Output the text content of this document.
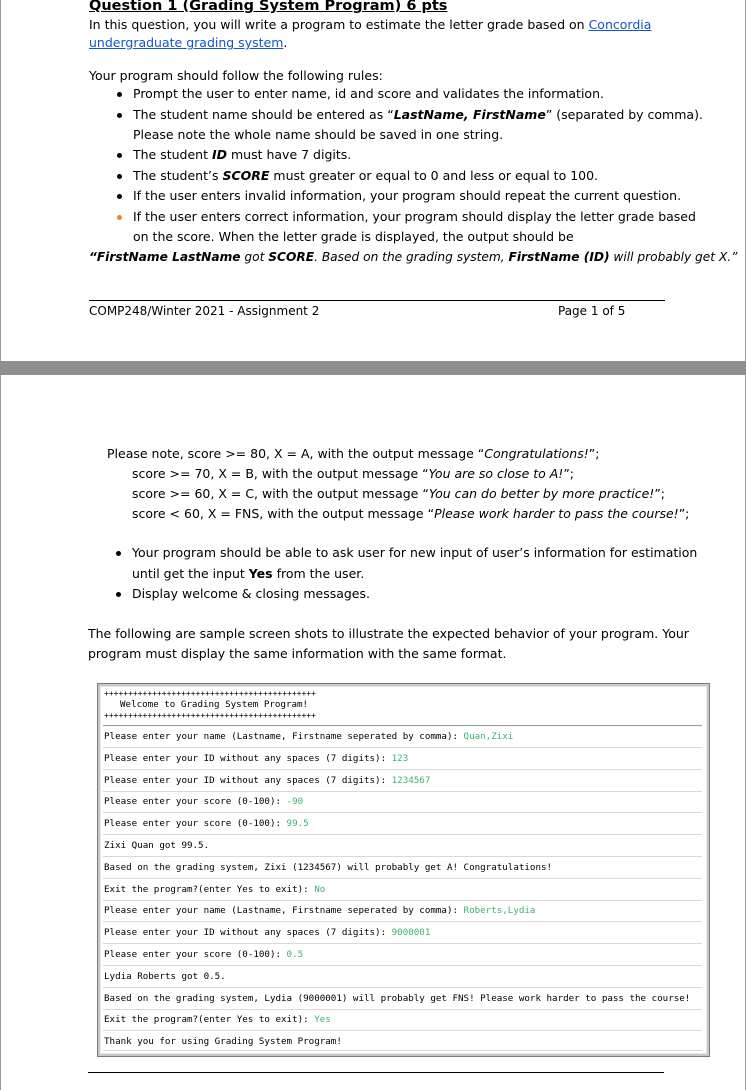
Question 1 (Grading System Program) 6 pts
In this question, you will write a program to estimate the letter grade based on Concordia
undergraduate grading system.
Your program should follow the following rules:
Prompt the user to enter name, id and score and validates the information.
The student name should be entered as “LastName, FirstName” (separated by comma).
Please note the whole name should be saved in one string.
The student ID must have 7 digits.
The student’s SCORE must greater or equal to 0 and less or equal to 100.
If the user enters invalid information, your program should repeat the current question.
If the user enters correct information, your program should display the letter grade based
on the score. When the letter grade is displayed, the output should be
“FirstName LastName got SCORE. Based on the grading system, FirstName (ID) will probably get X.”
COMP248/Winter 2021 - Assignment 2	Page 1 of 5
Please note, score >= 80, X = A, with the output message “Congratulations!”;
score >= 70, X = B, with the output message “You are so close to A!”;
score >= 60, X = C, with the output message “You can do better by more practice!”;
score < 60, X = FNS, with the output message “Please work harder to pass the course!”;
Your program should be able to ask user for new input of user’s information for estimation
until get the input Yes from the user.
Display welcome & closing messages.
The following are sample screen shots to illustrate the expected behavior of your program. Your
program must display the same information with the same format.
++++++++++++++++++++++++++++++++++++++++++++
Welcome to Grading System Program!
++++++++++++++++++++++++++++++++++++++++++++
Please enter your name (Lastname, Firstname seperated by comma): Quan,Zixi
Please enter your ID without any spaces (7 digits): 123
Please enter your ID without any spaces (7 digits): 1234567
Please enter your score (0-100): -90
Please enter your score (0-100): 99.5
Zixi Quan got 99.5.
Based on the grading system, Zixi (1234567) will probably get A! Congratulations!
Exit the program?(enter Yes to exit): No
Please enter your name (Lastname, Firstname seperated by comma): Roberts,Lydia
Please enter your ID without any spaces (7 digits): 9000001
Please enter your score (0-100): 0.5
Lydia Roberts got 0.5.
Based on the grading system, Lydia (9000001) will probably get FNS! Please work harder to pass the course!
Exit the program?(enter Yes to exit): Yes
Thank you for using Grading System Program!
